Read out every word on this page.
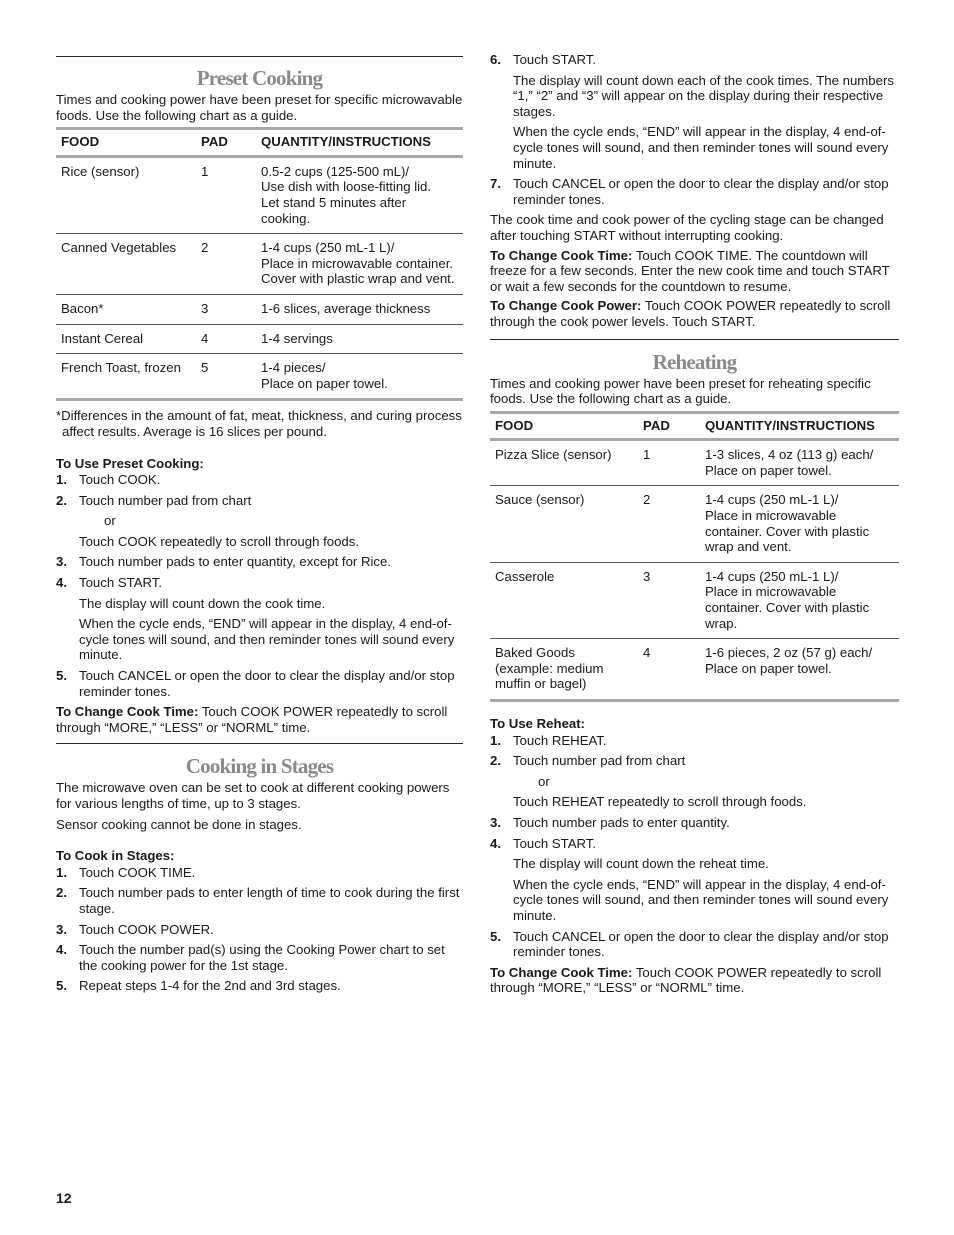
Preset Cooking

Times and cooking power have been preset for specific microwavable foods. Use the following chart as a guide.

FOOD	PAD	QUANTITY/INSTRUCTIONS
Rice (sensor)	1	0.5-2 cups (125-500 mL)/
Use dish with loose-fitting lid.
Let stand 5 minutes after cooking.

Canned Vegetables	2	1-4 cups (250 mL-1 L)/
Place in microwavable container. Cover with plastic wrap and vent.

Bacon*	3	1-6 slices, average thickness

Instant Cereal	4	1-4 servings

French Toast, frozen	5	1-4 pieces/
Place on paper towel.

*Differences in the amount of fat, meat, thickness, and curing process affect results. Average is 16 slices per pound.

To Use Preset Cooking:

1. Touch COOK.

2. Touch number pad from chart

or

Touch COOK repeatedly to scroll through foods.

3. Touch number pads to enter quantity, except for Rice.

4. Touch START.

The display will count down the cook time.

When the cycle ends, “END” will appear in the display, 4 end-of-cycle tones will sound, and then reminder tones will sound every minute.

5. Touch CANCEL or open the door to clear the display and/or stop reminder tones.

To Change Cook Time: Touch COOK POWER repeatedly to scroll through “MORE,” “LESS” or “NORML” time.

Cooking in Stages

The microwave oven can be set to cook at different cooking powers for various lengths of time, up to 3 stages.

Sensor cooking cannot be done in stages.

To Cook in Stages:

1. Touch COOK TIME.

2. Touch number pads to enter length of time to cook during the first stage.

3. Touch COOK POWER.

4. Touch the number pad(s) using the Cooking Power chart to set the cooking power for the 1st stage.

5. Repeat steps 1-4 for the 2nd and 3rd stages.

6. Touch START.

The display will count down each of the cook times. The numbers “1,” “2” and “3” will appear on the display during their respective stages.

When the cycle ends, “END” will appear in the display, 4 end-of-cycle tones will sound, and then reminder tones will sound every minute.

7. Touch CANCEL or open the door to clear the display and/or stop reminder tones.

The cook time and cook power of the cycling stage can be changed after touching START without interrupting cooking.

To Change Cook Time: Touch COOK TIME. The countdown will freeze for a few seconds. Enter the new cook time and touch START or wait a few seconds for the countdown to resume.

To Change Cook Power: Touch COOK POWER repeatedly to scroll through the cook power levels. Touch START.

Reheating

Times and cooking power have been preset for reheating specific foods. Use the following chart as a guide.

FOOD	PAD	QUANTITY/INSTRUCTIONS
Pizza Slice (sensor)	1	1-3 slices, 4 oz (113 g) each/
Place on paper towel.

Sauce (sensor)	2	1-4 cups (250 mL-1 L)/
Place in microwavable container. Cover with plastic wrap and vent.

Casserole	3	1-4 cups (250 mL-1 L)/
Place in microwavable container. Cover with plastic wrap.

Baked Goods (example: medium muffin or bagel)	4	1-6 pieces, 2 oz (57 g) each/
Place on paper towel.

To Use Reheat:

1. Touch REHEAT.

2. Touch number pad from chart

or

Touch REHEAT repeatedly to scroll through foods.

3. Touch number pads to enter quantity.

4. Touch START.

The display will count down the reheat time.

When the cycle ends, “END” will appear in the display, 4 end-of-cycle tones will sound, and then reminder tones will sound every minute.

5. Touch CANCEL or open the door to clear the display and/or stop reminder tones.

To Change Cook Time: Touch COOK POWER repeatedly to scroll through “MORE,” “LESS” or “NORML” time.

12
